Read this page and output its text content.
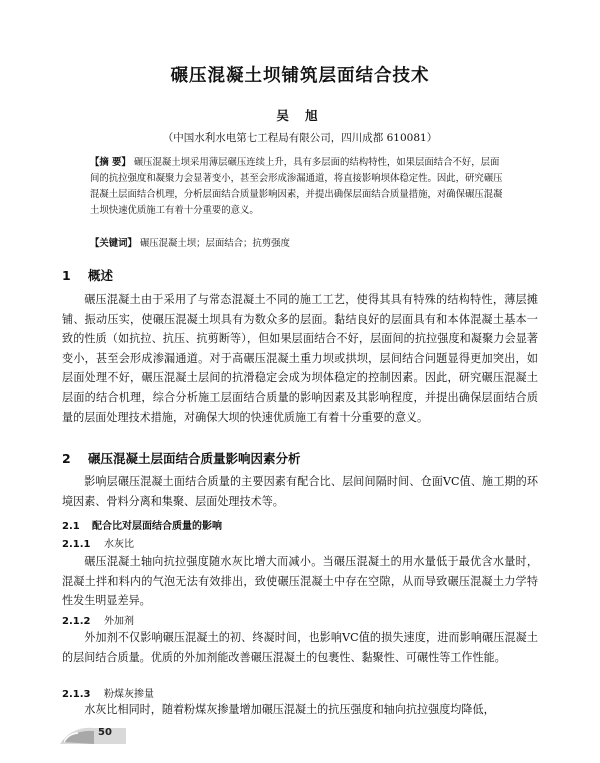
碾压混凝土坝铺筑层面结合技术
吴 旭
（中国水利水电第七工程局有限公司，四川成都 610081）
【摘 要】 碾压混凝土坝采用薄层碾压连续上升，具有多层面的结构特性，如果层面结合不好，层面间的抗拉强度和凝聚力会显著变小，甚至会形成渗漏通道，将直接影响坝体稳定性。因此，研究碾压混凝土层面结合机理，分析层面结合质量影响因素，并提出确保层面结合质量措施，对确保碾压混凝土坝快速优质施工有着十分重要的意义。
【关键词】 碾压混凝土坝；层面结合；抗剪强度
1 概述
碾压混凝土由于采用了与常态混凝土不同的施工工艺，使得其具有特殊的结构特性，薄层摊铺、振动压实，使碾压混凝土坝具有为数众多的层面。黏结良好的层面具有和本体混凝土基本一致的性质（如抗拉、抗压、抗剪断等），但如果层面结合不好，层面间的抗拉强度和凝聚力会显著变小，甚至会形成渗漏通道。对于高碾压混凝土重力坝或拱坝，层间结合问题显得更加突出，如层面处理不好，碾压混凝土层间的抗滑稳定会成为坝体稳定的控制因素。因此，研究碾压混凝土层面的结合机理，综合分析施工层面结合质量的影响因素及其影响程度，并提出确保层面结合质量的层面处理技术措施，对确保大坝的快速优质施工有着十分重要的意义。
2 碾压混凝土层面结合质量影响因素分析
影响层碾压混凝土面结合质量的主要因素有配合比、层间间隔时间、仓面VC值、施工期的环境因素、骨料分离和集聚、层面处理技术等。
2.1 配合比对层面结合质量的影响
2.1.1 水灰比
碾压混凝土轴向抗拉强度随水灰比增大而减小。当碾压混凝土的用水量低于最优含水量时，混凝土拌和料内的气泡无法有效排出，致使碾压混凝土中存在空隙，从而导致碾压混凝土力学特性发生明显差异。
2.1.2 外加剂
外加剂不仅影响碾压混凝土的初、终凝时间，也影响VC值的损失速度，进而影响碾压混凝土的层间结合质量。优质的外加剂能改善碾压混凝土的包裹性、黏聚性、可碾性等工作性能。
2.1.3 粉煤灰掺量
水灰比相同时，随着粉煤灰掺量增加碾压混凝土的抗压强度和轴向抗拉强度均降低，
50
